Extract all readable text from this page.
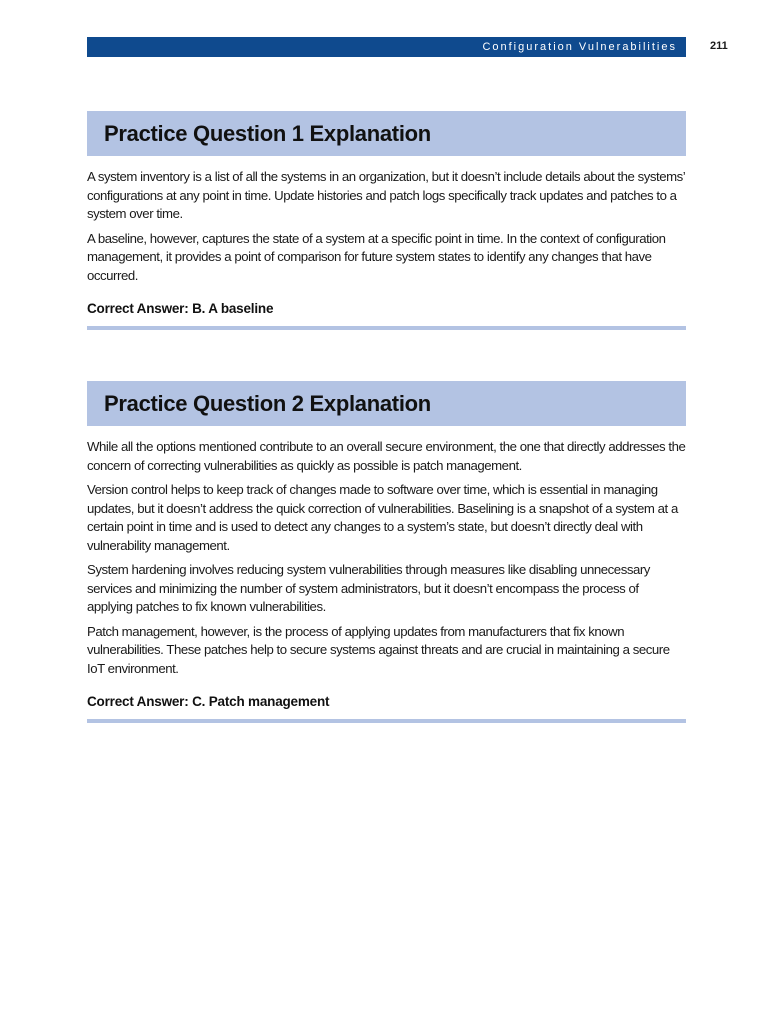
Configuration Vulnerabilities	211
Practice Question 1 Explanation

A system inventory is a list of all the systems in an organization, but it doesn’t include details about the systems’ configurations at any point in time. Update histories and patch logs specifically track updates and patches to a system over time.

A baseline, however, captures the state of a system at a specific point in time. In the context of configuration management, it provides a point of comparison for future system states to identify any changes that have occurred.

Correct Answer: B. A baseline
Practice Question 2 Explanation

While all the options mentioned contribute to an overall secure environment, the one that directly addresses the concern of correcting vulnerabilities as quickly as possible is patch management.

Version control helps to keep track of changes made to software over time, which is essential in managing updates, but it doesn’t address the quick correction of vulnerabilities. Baselining is a snapshot of a system at a certain point in time and is used to detect any changes to a system’s state, but doesn’t directly deal with vulnerability management.

System hardening involves reducing system vulnerabilities through measures like disabling unnecessary services and minimizing the number of system administrators, but it doesn’t encompass the process of applying patches to fix known vulnerabilities.

Patch management, however, is the process of applying updates from manufacturers that fix known vulnerabilities. These patches help to secure systems against threats and are crucial in maintaining a secure IoT environment.

Correct Answer: C. Patch management
